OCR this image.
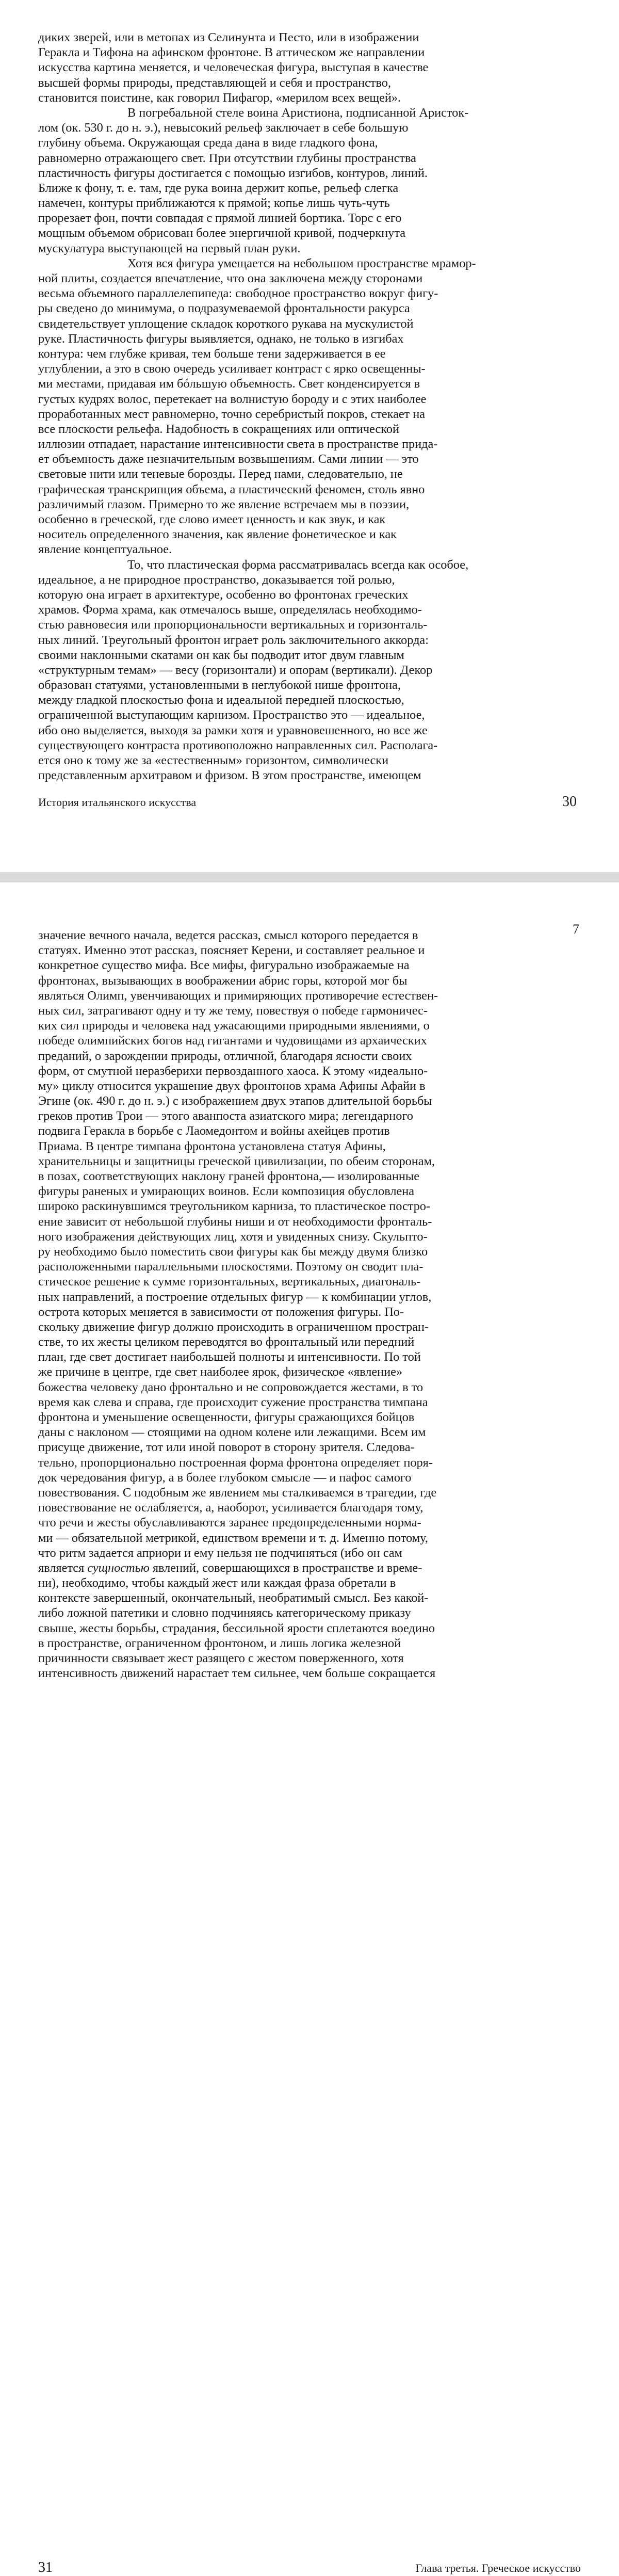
диких зверей, или в метопах из Селинунта и Песто, или в изображении
Геракла и Тифона на афинском фронтоне. В аттическом же направлении
искусства картина меняется, и человеческая фигура, выступая в качестве
высшей формы природы, представляющей и себя и пространство,
становится поистине, как говорил Пифагор, «мерилом всех вещей».
В погребальной стеле воина Аристиона, подписанной Аристок-
лом (ок. 530 г. до н. э.), невысокий рельеф заключает в себе большую
глубину объема. Окружающая среда дана в виде гладкого фона,
равномерно отражающего свет. При отсутствии глубины пространства
пластичность фигуры достигается с помощью изгибов, контуров, линий.
Ближе к фону, т. е. там, где рука воина держит копье, рельеф слегка
намечен, контуры приближаются к прямой; копье лишь чуть-чуть
прорезает фон, почти совпадая с прямой линией бортика. Торс с его
мощным объемом обрисован более энергичной кривой, подчеркнута
мускулатура выступающей на первый план руки.
Хотя вся фигура умещается на небольшом пространстве мрамор-
ной плиты, создается впечатление, что она заключена между сторонами
весьма объемного параллелепипеда: свободное пространство вокруг фигу-
ры сведено до минимума, о подразумеваемой фронтальности ракурса
свидетельствует уплощение складок короткого рукава на мускулистой
руке. Пластичность фигуры выявляется, однако, не только в изгибах
контура: чем глубже кривая, тем больше тени задерживается в ее
углублении, а это в свою очередь усиливает контраст с ярко освещенны-
ми местами, придавая им бóльшую объемность. Свет конденсируется в
густых кудрях волос, перетекает на волнистую бороду и с этих наиболее
проработанных мест равномерно, точно серебристый покров, стекает на
все плоскости рельефа. Надобность в сокращениях или оптической
иллюзии отпадает, нарастание интенсивности света в пространстве прида-
ет объемность даже незначительным возвышениям. Сами линии — это
световые нити или теневые борозды. Перед нами, следовательно, не
графическая транскрипция объема, а пластический феномен, столь явно
различимый глазом. Примерно то же явление встречаем мы в поэзии,
особенно в греческой, где слово имеет ценность и как звук, и как
носитель определенного значения, как явление фонетическое и как
явление концептуальное.
То, что пластическая форма рассматривалась всегда как особое,
идеальное, а не природное пространство, доказывается той ролью,
которую она играет в архитектуре, особенно во фронтонах греческих
храмов. Форма храма, как отмечалось выше, определялась необходимо-
стью равновесия или пропорциональности вертикальных и горизонталь-
ных линий. Треугольный фронтон играет роль заключительного аккорда:
своими наклонными скатами он как бы подводит итог двум главным
«структурным темам» — весу (горизонтали) и опорам (вертикали). Декор
образован статуями, установленными в неглубокой нише фронтона,
между гладкой плоскостью фона и идеальной передней плоскостью,
ограниченной выступающим карнизом. Пространство это — идеальное,
ибо оно выделяется, выходя за рамки хотя и уравновешенного, но все же
существующего контраста противоположно направленных сил. Располага-
ется оно к тому же за «естественным» горизонтом, символически
представленным архитравом и фризом. В этом пространстве, имеющем
История итальянского искусства	30
значение вечного начала, ведется рассказ, смысл которого передается в
статуях. Именно этот рассказ, поясняет Керени, и составляет реальное и
конкретное существо мифа. Все мифы, фигурально изображаемые на
фронтонах, вызывающих в воображении абрис горы, которой мог бы
являться Олимп, увенчивающих и примиряющих противоречие естествен-
ных сил, затрагивают одну и ту же тему, повествуя о победе гармоничес-
ких сил природы и человека над ужасающими природными явлениями, о
победе олимпийских богов над гигантами и чудовищами из архаических
преданий, о зарождении природы, отличной, благодаря ясности своих
форм, от смутной неразберихи первозданного хаоса. К этому «идеально-
му» циклу относится украшение двух фронтонов храма Афины Афайи в
Эгине (ок. 490 г. до н. э.) с изображением двух этапов длительной борьбы
греков против Трои — этого аванпоста азиатского мира; легендарного
подвига Геракла в борьбе с Лаомедонтом и войны ахейцев против
Приама. В центре тимпана фронтона установлена статуя Афины,
хранительницы и защитницы греческой цивилизации, по обеим сторонам,
в позах, соответствующих наклону граней фронтона,— изолированные
фигуры раненых и умирающих воинов. Если композиция обусловлена
широко раскинувшимся треугольником карниза, то пластическое постро-
ение зависит от небольшой глубины ниши и от необходимости фронталь-
ного изображения действующих лиц, хотя и увиденных снизу. Скульпто-
ру необходимо было поместить свои фигуры как бы между двумя близко
расположенными параллельными плоскостями. Поэтому он сводит пла-
стическое решение к сумме горизонтальных, вертикальных, диагональ-
ных направлений, а построение отдельных фигур — к комбинации углов,
острота которых меняется в зависимости от положения фигуры. По-
скольку движение фигур должно происходить в ограниченном простран-
стве, то их жесты целиком переводятся во фронтальный или передний
план, где свет достигает наибольшей полноты и интенсивности. По той
же причине в центре, где свет наиболее ярок, физическое «явление»
божества человеку дано фронтально и не сопровождается жестами, в то
время как слева и справа, где происходит сужение пространства тимпана
фронтона и уменьшение освещенности, фигуры сражающихся бойцов
даны с наклоном — стоящими на одном колене или лежащими. Всем им
присуще движение, тот или иной поворот в сторону зрителя. Следова-
тельно, пропорционально построенная форма фронтона определяет поря-
док чередования фигур, а в более глубоком смысле — и пафос самого
повествования. С подобным же явлением мы сталкиваемся в трагедии, где
повествование не ослабляется, а, наоборот, усиливается благодаря тому,
что речи и жесты обуславливаются заранее предопределенными норма-
ми — обязательной метрикой, единством времени и т. д. Именно потому,
что ритм задается априори и ему нельзя не подчиняться (ибо он сам
является сущностью явлений, совершающихся в пространстве и време-
ни), необходимо, чтобы каждый жест или каждая фраза обретали в
контексте завершенный, окончательный, необратимый смысл. Без какой-
либо ложной патетики и словно подчиняясь категорическому приказу
свыше, жесты борьбы, страдания, бессильной ярости сплетаются воедино
в пространстве, ограниченном фронтоном, и лишь логика железной
причинности связывает жест разящего с жестом поверженного, хотя
интенсивность движений нарастает тем сильнее, чем больше сокращается
31	Глава третья. Греческое искусство
7
